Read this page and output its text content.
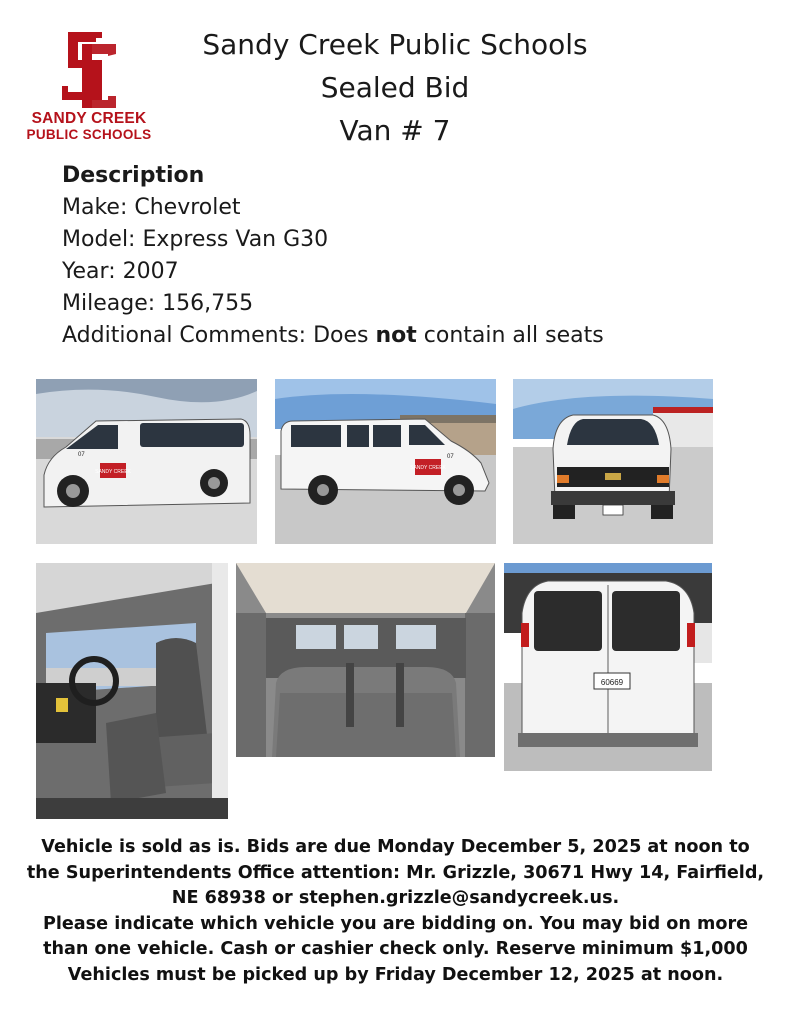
SANDY CREEK
PUBLIC SCHOOLS
Sandy Creek Public Schools
Sealed Bid
Van # 7
Description
Make: Chevrolet
Model: Express Van G30
Year: 2007
Mileage: 156,755
Additional Comments: Does not contain all seats
SANDY CREEK
07
SANDY CREEK
07
60669
Vehicle is sold as is. Bids are due Monday December 5, 2025 at noon to
the Superintendents Office attention: Mr. Grizzle, 30671 Hwy 14, Fairfield,
NE 68938 or stephen.grizzle@sandycreek.us.
Please indicate which vehicle you are bidding on. You may bid on more
than one vehicle. Cash or cashier check only. Reserve minimum $1,000
Vehicles must be picked up by Friday December 12, 2025 at noon.
